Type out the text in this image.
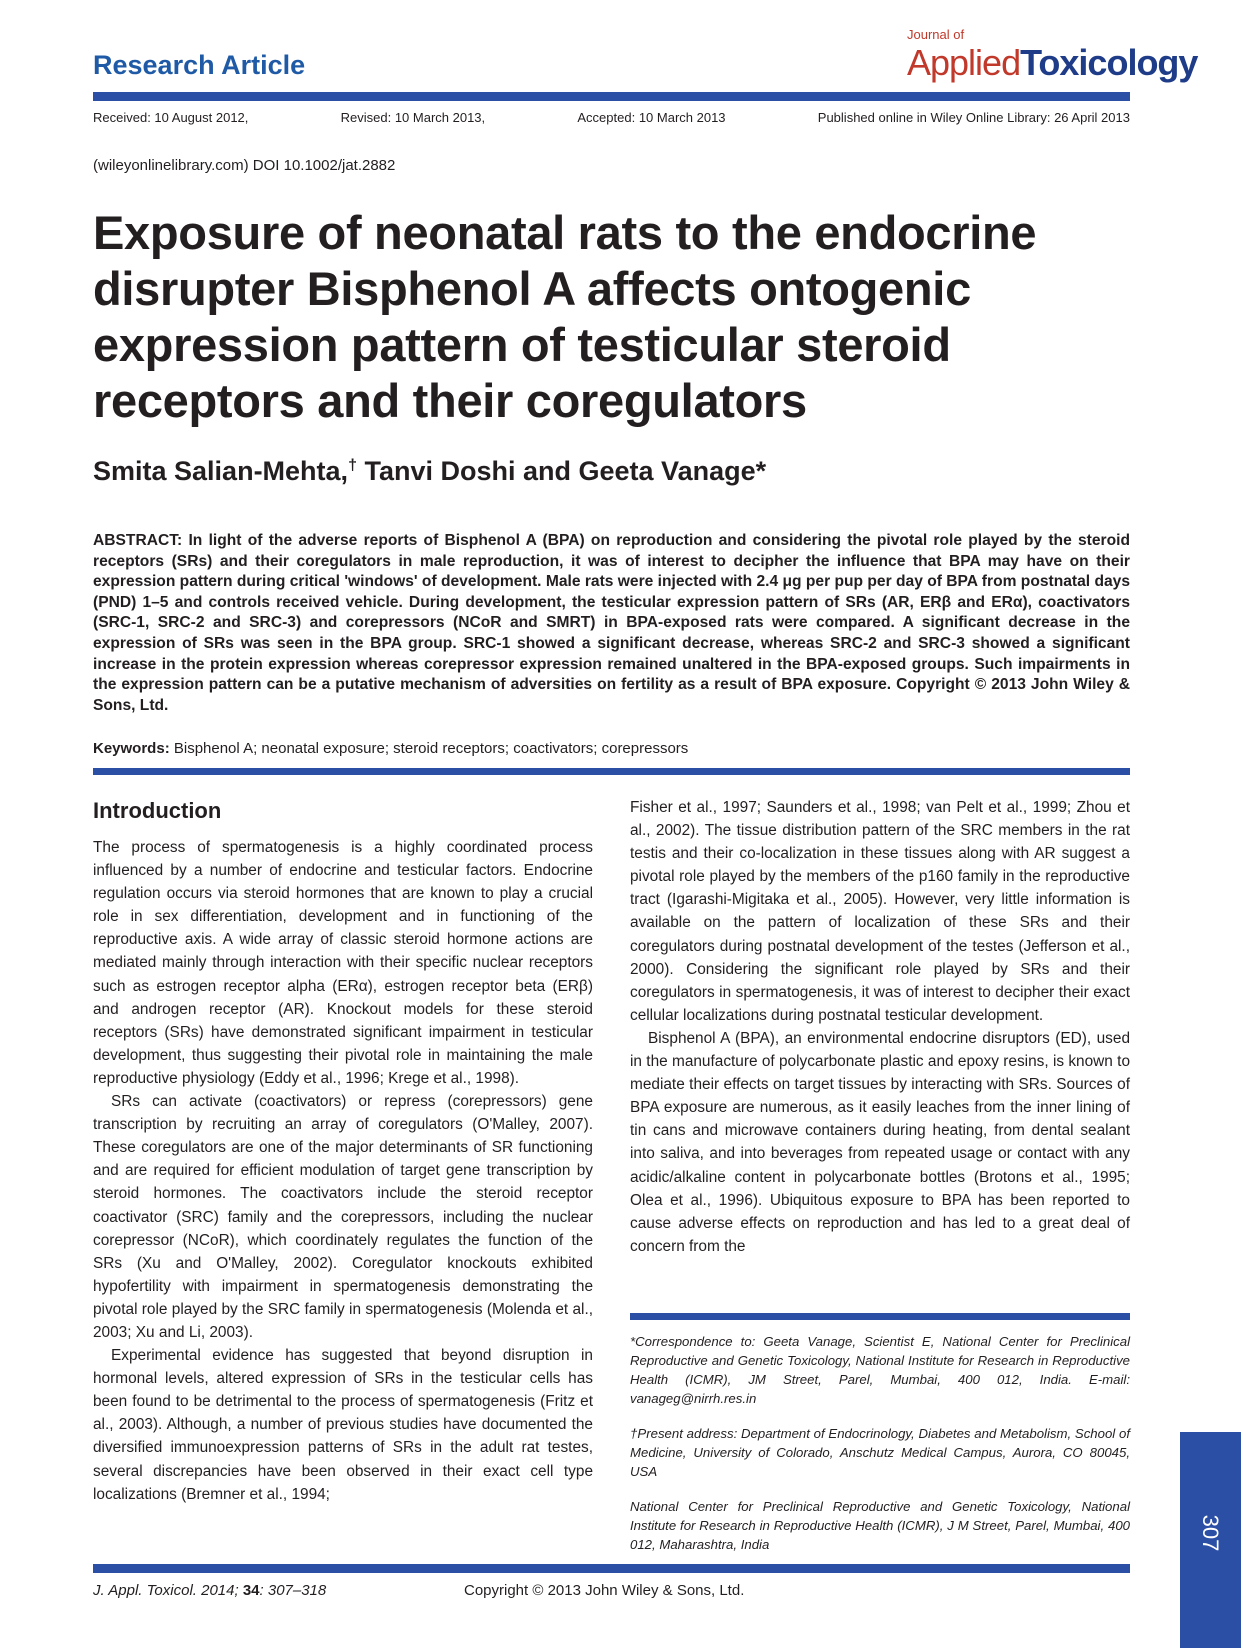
Research Article
Journal of
AppliedToxicology
Received: 10 August 2012,	Revised: 10 March 2013,	Accepted: 10 March 2013	Published online in Wiley Online Library: 26 April 2013
(wileyonlinelibrary.com) DOI 10.1002/jat.2882
Exposure of neonatal rats to the endocrine disrupter Bisphenol A affects ontogenic expression pattern of testicular steroid receptors and their coregulators
Smita Salian-Mehta,† Tanvi Doshi and Geeta Vanage*
ABSTRACT: In light of the adverse reports of Bisphenol A (BPA) on reproduction and considering the pivotal role played by the steroid receptors (SRs) and their coregulators in male reproduction, it was of interest to decipher the influence that BPA may have on their expression pattern during critical 'windows' of development. Male rats were injected with 2.4 μg per pup per day of BPA from postnatal days (PND) 1–5 and controls received vehicle. During development, the testicular expression pattern of SRs (AR, ERβ and ERα), coactivators (SRC-1, SRC-2 and SRC-3) and corepressors (NCoR and SMRT) in BPA-exposed rats were compared. A significant decrease in the expression of SRs was seen in the BPA group. SRC-1 showed a significant decrease, whereas SRC-2 and SRC-3 showed a significant increase in the protein expression whereas corepressor expression remained unaltered in the BPA-exposed groups. Such impairments in the expression pattern can be a putative mechanism of adversities on fertility as a result of BPA exposure. Copyright © 2013 John Wiley & Sons, Ltd.
Keywords: Bisphenol A; neonatal exposure; steroid receptors; coactivators; corepressors
Introduction

The process of spermatogenesis is a highly coordinated process influenced by a number of endocrine and testicular factors. Endocrine regulation occurs via steroid hormones that are known to play a crucial role in sex differentiation, development and in functioning of the reproductive axis. A wide array of classic steroid hormone actions are mediated mainly through interaction with their specific nuclear receptors such as estrogen receptor alpha (ERα), estrogen receptor beta (ERβ) and androgen receptor (AR). Knockout models for these steroid receptors (SRs) have demonstrated significant impairment in testicular development, thus suggesting their pivotal role in maintaining the male reproductive physiology (Eddy et al., 1996; Krege et al., 1998).

SRs can activate (coactivators) or repress (corepressors) gene transcription by recruiting an array of coregulators (O'Malley, 2007). These coregulators are one of the major determinants of SR functioning and are required for efficient modulation of target gene transcription by steroid hormones. The coactivators include the steroid receptor coactivator (SRC) family and the corepressors, including the nuclear corepressor (NCoR), which coordinately regulates the function of the SRs (Xu and O'Malley, 2002). Coregulator knockouts exhibited hypofertility with impairment in spermatogenesis demonstrating the pivotal role played by the SRC family in spermatogenesis (Molenda et al., 2003; Xu and Li, 2003).

Experimental evidence has suggested that beyond disruption in hormonal levels, altered expression of SRs in the testicular cells has been found to be detrimental to the process of spermatogenesis (Fritz et al., 2003). Although, a number of previous studies have documented the diversified immunoexpression patterns of SRs in the adult rat testes, several discrepancies have been observed in their exact cell type localizations (Bremner et al., 1994;

Fisher et al., 1997; Saunders et al., 1998; van Pelt et al., 1999; Zhou et al., 2002). The tissue distribution pattern of the SRC members in the rat testis and their co-localization in these tissues along with AR suggest a pivotal role played by the members of the p160 family in the reproductive tract (Igarashi-Migitaka et al., 2005). However, very little information is available on the pattern of localization of these SRs and their coregulators during postnatal development of the testes (Jefferson et al., 2000). Considering the significant role played by SRs and their coregulators in spermatogenesis, it was of interest to decipher their exact cellular localizations during postnatal testicular development.

Bisphenol A (BPA), an environmental endocrine disruptors (ED), used in the manufacture of polycarbonate plastic and epoxy resins, is known to mediate their effects on target tissues by interacting with SRs. Sources of BPA exposure are numerous, as it easily leaches from the inner lining of tin cans and microwave containers during heating, from dental sealant into saliva, and into beverages from repeated usage or contact with any acidic/alkaline content in polycarbonate bottles (Brotons et al., 1995; Olea et al., 1996). Ubiquitous exposure to BPA has been reported to cause adverse effects on reproduction and has led to a great deal of concern from the

*Correspondence to: Geeta Vanage, Scientist E, National Center for Preclinical Reproductive and Genetic Toxicology, National Institute for Research in Reproductive Health (ICMR), JM Street, Parel, Mumbai, 400 012, India. E-mail: vanageg@nirrh.res.in

†Present address: Department of Endocrinology, Diabetes and Metabolism, School of Medicine, University of Colorado, Anschutz Medical Campus, Aurora, CO 80045, USA

National Center for Preclinical Reproductive and Genetic Toxicology, National Institute for Research in Reproductive Health (ICMR), J M Street, Parel, Mumbai, 400 012, Maharashtra, India	307
J. Appl. Toxicol. 2014; 34: 307–318	Copyright © 2013 John Wiley & Sons, Ltd.
